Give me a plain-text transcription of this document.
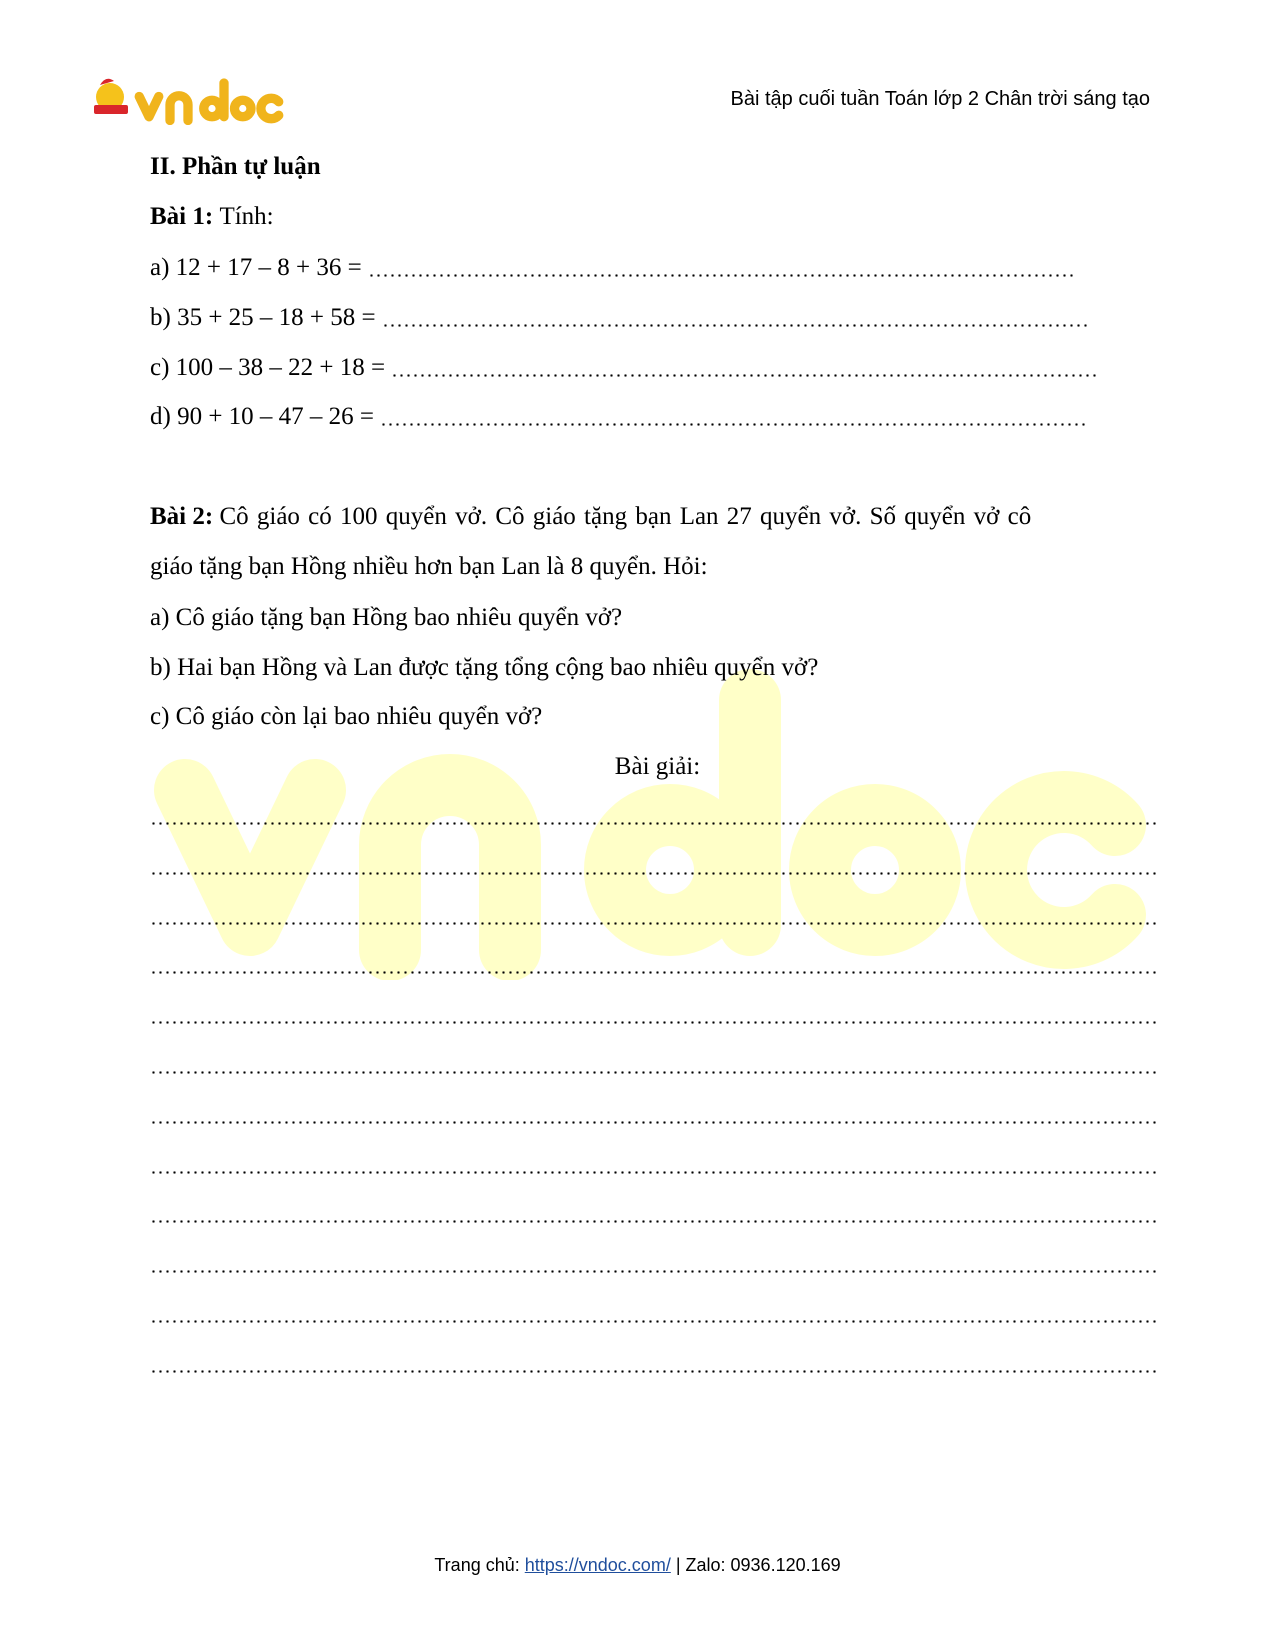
Bài tập cuối tuần Toán lớp 2 Chân trời sáng tạo
II. Phần tự luận
Bài 1:
Tính:
a) 12 + 17 – 8 + 36 =
b) 35 + 25 – 18 + 58 =
c) 100 – 38 – 22 + 18 =
d) 90 + 10 – 47 – 26 =
Bài 2: Cô giáo có 100 quyển vở. Cô giáo tặng bạn Lan 27 quyển vở. Số quyển vở cô
giáo tặng bạn Hồng nhiều hơn bạn Lan là 8 quyển. Hỏi:
a) Cô giáo tặng bạn Hồng bao nhiêu quyển vở?
b) Hai bạn Hồng và Lan được tặng tổng cộng bao nhiêu quyển vở?
c) Cô giáo còn lại bao nhiêu quyển vở?
Bài giải:
Trang chủ: https://vndoc.com/ | Zalo: 0936.120.169
